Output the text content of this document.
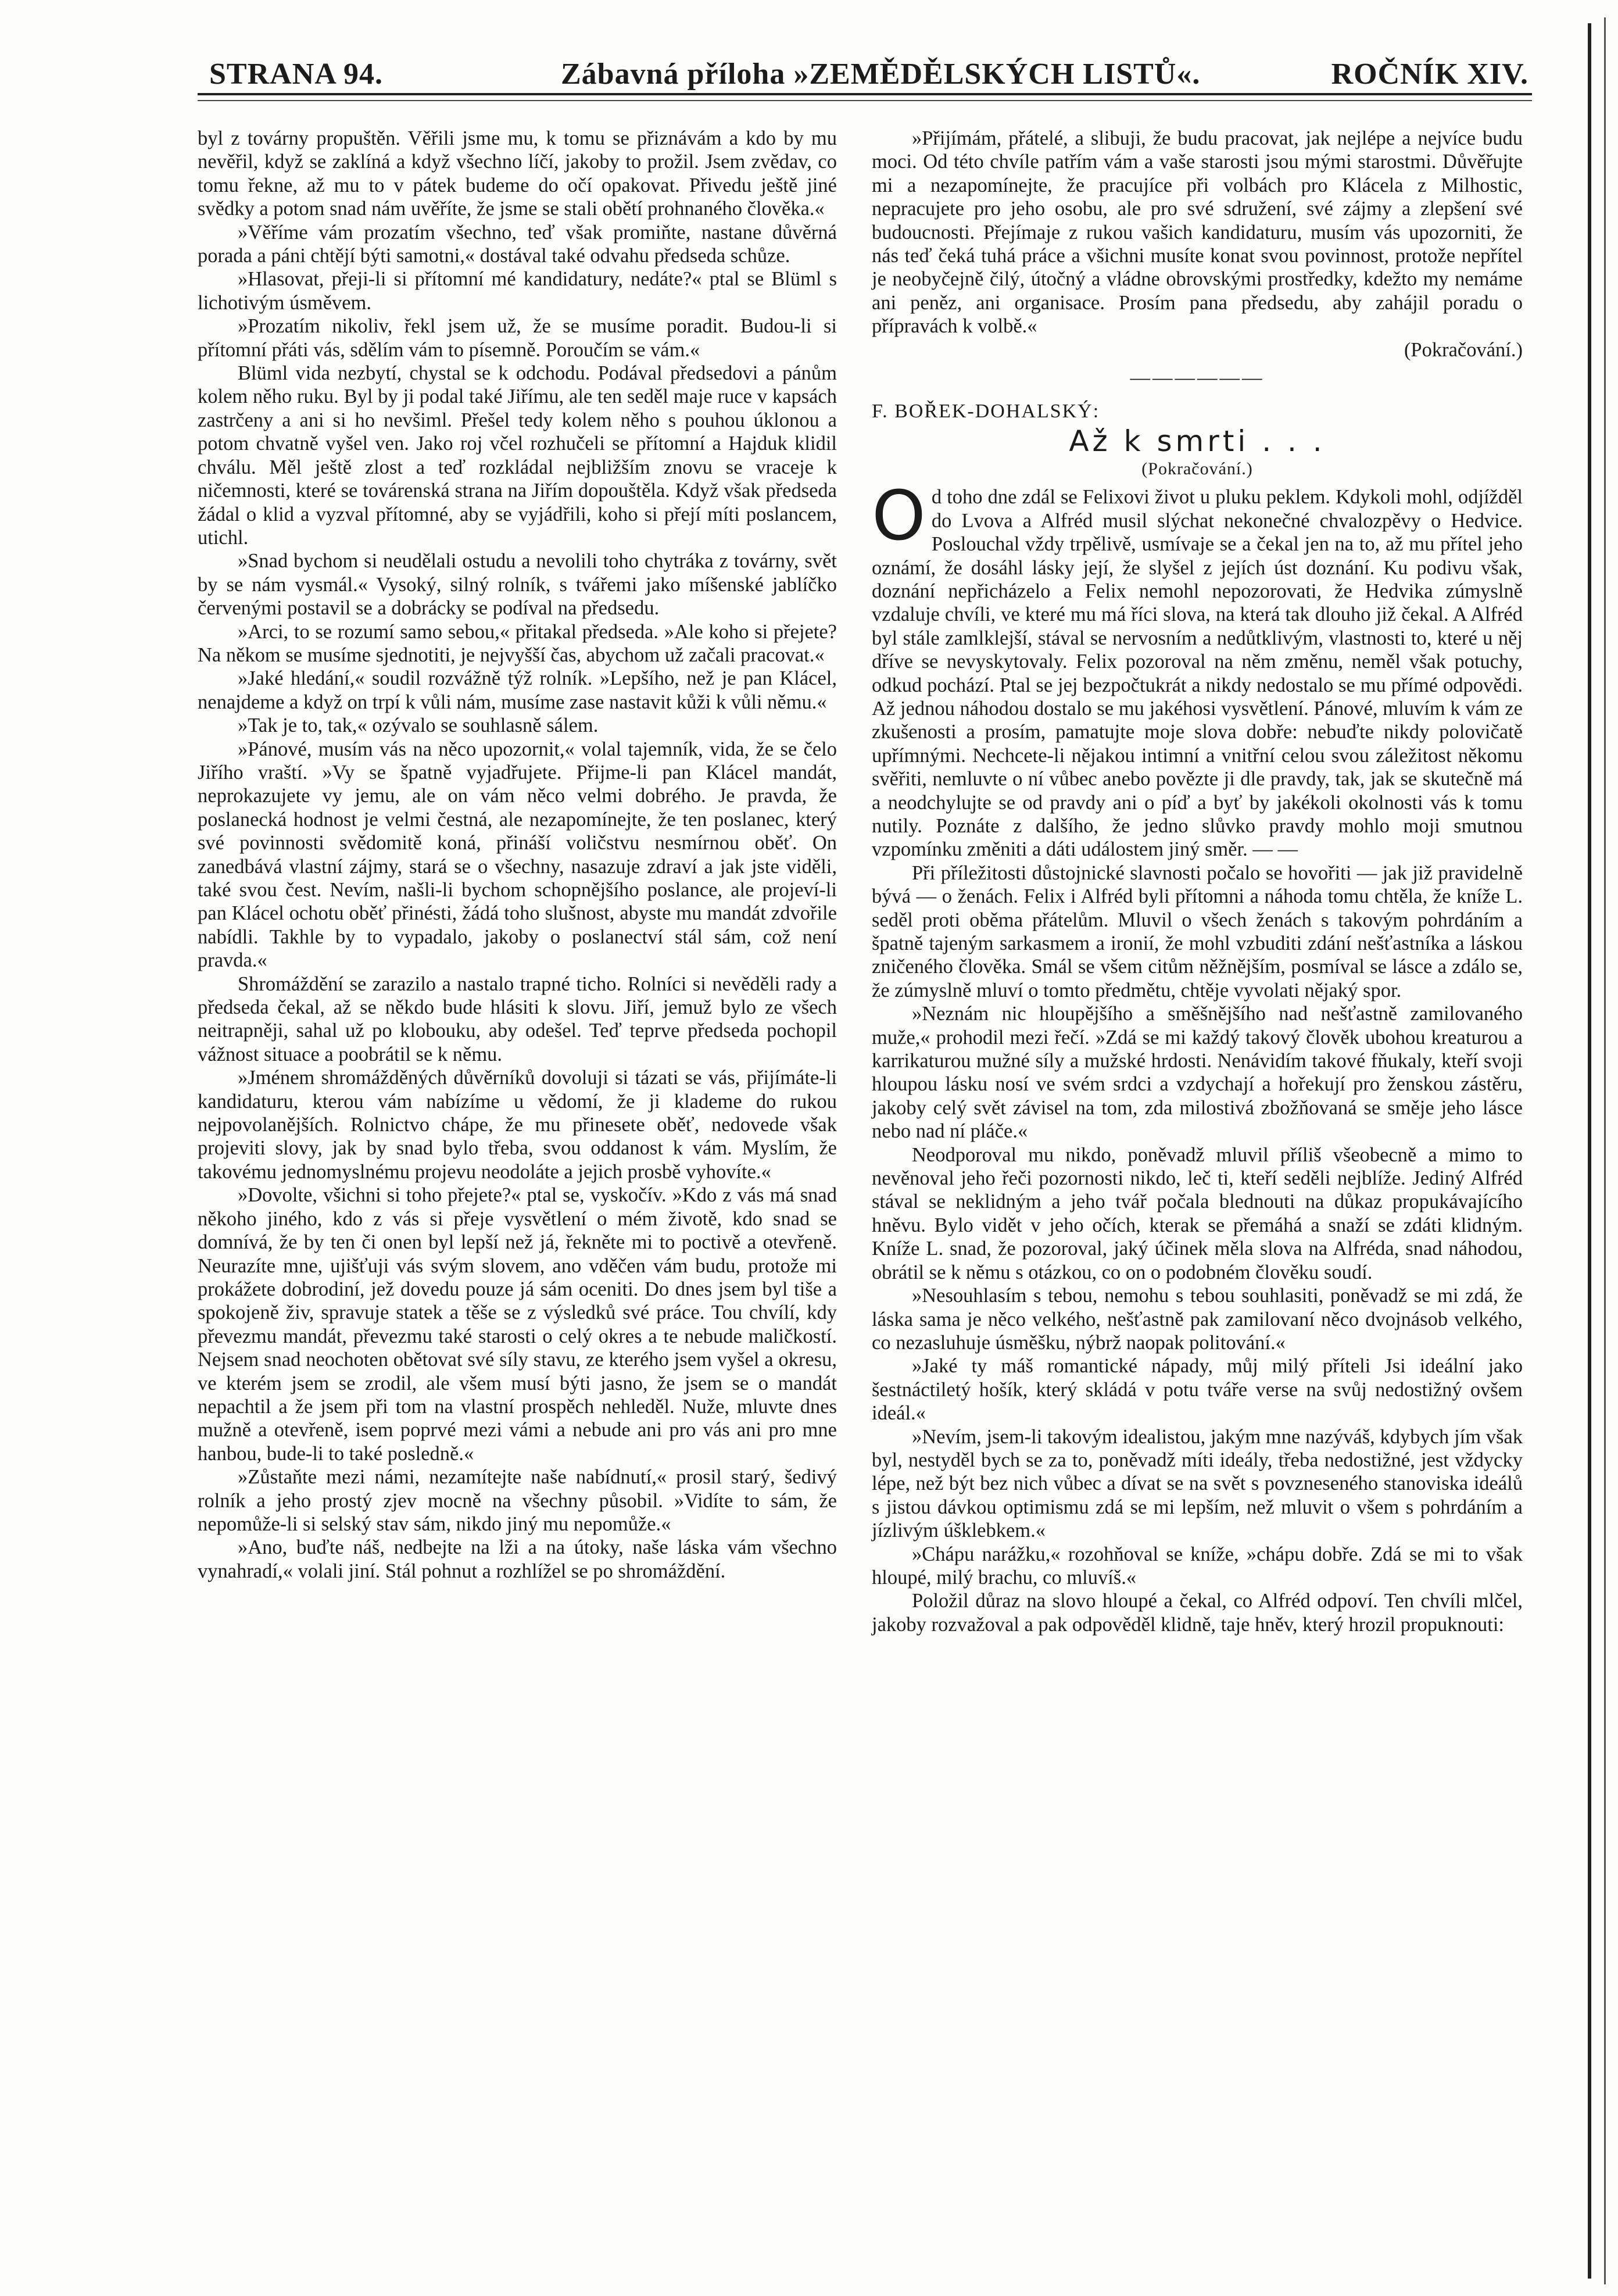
STRANA 94.	Zábavná příloha »ZEMĚDĚLSKÝCH LISTŮ«.	ROČNÍK XIV.

byl z továrny propuštěn. Věřili jsme mu, k tomu se přiznávám a kdo by mu nevěřil, když se zaklíná a když všechno líčí, jakoby to prožil. Jsem zvědav, co tomu řekne, až mu to v pátek budeme do očí opakovat. Přivedu ještě jiné svědky a potom snad nám uvěříte, že jsme se stali obětí prohnaného člověka.«

»Věříme vám prozatím všechno, teď však promiňte, nastane důvěrná porada a páni chtějí býti samotni,« dostával také odvahu předseda schůze.

»Hlasovat, přeji-li si přítomní mé kandidatury, nedáte?« ptal se Blüml s lichotivým úsměvem.

»Prozatím nikoliv, řekl jsem už, že se musíme poradit. Budou-li si přítomní přáti vás, sdělím vám to písemně. Poroučím se vám.«

Blüml vida nezbytí, chystal se k odchodu. Podával předsedovi a pánům kolem něho ruku. Byl by ji podal také Jiřímu, ale ten seděl maje ruce v kapsách zastrčeny a ani si ho nevšiml. Přešel tedy kolem něho s pouhou úklonou a potom chvatně vyšel ven. Jako roj včel rozhučeli se přítomní a Hajduk klidil chválu. Měl ještě zlost a teď rozkládal nejbližším znovu se vraceje k ničemnosti, které se továrenská strana na Jiřím dopouštěla. Když však předseda žádal o klid a vyzval přítomné, aby se vyjádřili, koho si přejí míti poslancem, utichl.

»Snad bychom si neudělali ostudu a nevolili toho chytráka z továrny, svět by se nám vysmál.« Vysoký, silný rolník, s tvářemi jako míšenské jablíčko červenými postavil se a dobrácky se podíval na předsedu.

»Arci, to se rozumí samo sebou,« přitakal předseda. »Ale koho si přejete? Na někom se musíme sjednotiti, je nejvyšší čas, abychom už začali pracovat.«

»Jaké hledání,« soudil rozvážně týž rolník. »Lepšího, než je pan Klácel, nenajdeme a když on trpí k vůli nám, musíme zase nastavit kůži k vůli němu.«

»Tak je to, tak,« ozývalo se souhlasně sálem.

»Pánové, musím vás na něco upozornit,« volal tajemník, vida, že se čelo Jiřího vraští. »Vy se špatně vyjadřujete. Přijme-li pan Klácel mandát, neprokazujete vy jemu, ale on vám něco velmi dobrého. Je pravda, že poslanecká hodnost je velmi čestná, ale nezapomínejte, že ten poslanec, který své povinnosti svědomitě koná, přináší voličstvu nesmírnou oběť. On zanedbává vlastní zájmy, stará se o všechny, nasazuje zdraví a jak jste viděli, také svou čest. Nevím, našli-li bychom schopnějšího poslance, ale projeví-li pan Klácel ochotu oběť přinésti, žádá toho slušnost, abyste mu mandát zdvořile nabídli. Takhle by to vypadalo, jakoby o poslanectví stál sám, což není pravda.«

Shromáždění se zarazilo a nastalo trapné ticho. Rolníci si nevěděli rady a předseda čekal, až se někdo bude hlásiti k slovu. Jiří, jemuž bylo ze všech neitrapněji, sahal už po klobouku, aby odešel. Teď teprve předseda pochopil vážnost situace a poobrátil se k němu.

»Jménem shromážděných důvěrníků dovoluji si tázati se vás, přijímáte-li kandidaturu, kterou vám nabízíme u vědomí, že ji klademe do rukou nejpovolanějších. Rolnictvo chápe, že mu přinesete oběť, nedovede však projeviti slovy, jak by snad bylo třeba, svou oddanost k vám. Myslím, že takovému jednomyslnému projevu neodoláte a jejich prosbě vyhovíte.«

»Dovolte, všichni si toho přejete?« ptal se, vyskočív. »Kdo z vás má snad někoho jiného, kdo z vás si přeje vysvětlení o mém životě, kdo snad se domnívá, že by ten či onen byl lepší než já, řekněte mi to poctivě a otevřeně. Neurazíte mne, ujišťuji vás svým slovem, ano vděčen vám budu, protože mi prokážete dobrodiní, jež dovedu pouze já sám oceniti. Do dnes jsem byl tiše a spokojeně živ, spravuje statek a těše se z výsledků své práce. Tou chvílí, kdy převezmu mandát, převezmu také starosti o celý okres a te nebude maličkostí. Nejsem snad neochoten obětovat své síly stavu, ze kterého jsem vyšel a okresu, ve kterém jsem se zrodil, ale všem musí býti jasno, že jsem se o mandát nepachtil a že jsem při tom na vlastní prospěch nehleděl. Nuže, mluvte dnes mužně a otevřeně, isem poprvé mezi vámi a nebude ani pro vás ani pro mne hanbou, bude-li to také posledně.«

»Zůstaňte mezi námi, nezamítejte naše nabídnutí,« prosil starý, šedivý rolník a jeho prostý zjev mocně na všechny působil. »Vidíte to sám, že nepomůže-li si selský stav sám, nikdo jiný mu nepomůže.«

»Ano, buďte náš, nedbejte na lži a na útoky, naše láska vám všechno vynahradí,« volali jiní. Stál pohnut a rozhlížel se po shromáždění.

»Přijímám, přátelé, a slibuji, že budu pracovat, jak nejlépe a nejvíce budu moci. Od této chvíle patřím vám a vaše starosti jsou mými starostmi. Důvěřujte mi a nezapomínejte, že pracujíce při volbách pro Klácela z Milhostic, nepracujete pro jeho osobu, ale pro své sdružení, své zájmy a zlepšení své budoucnosti. Přejímaje z rukou vašich kandidaturu, musím vás upozorniti, že nás teď čeká tuhá práce a všichni musíte konat svou povinnost, protože nepřítel je neobyčejně čilý, útočný a vládne obrovskými prostředky, kdežto my nemáme ani peněz, ani organisace. Prosím pana předsedu, aby zahájil poradu o přípravách k volbě.«

(Pokračování.)
——————
F. BOŘEK-DOHALSKÝ:
Až k smrti . . .
(Pokračování.)

Od toho dne zdál se Felixovi život u pluku peklem. Kdykoli mohl, odjížděl do Lvova a Alfréd musil slýchat nekonečné chvalozpěvy o Hedvice. Poslouchal vždy trpělivě, usmívaje se a čekal jen na to, až mu přítel jeho oznámí, že dosáhl lásky její, že slyšel z jejích úst doznání. Ku podivu však, doznání nepřicházelo a Felix nemohl nepozorovati, že Hedvika zúmyslně vzdaluje chvíli, ve které mu má říci slova, na která tak dlouho již čekal. A Alfréd byl stále zamlklejší, stával se nervosním a nedůtklivým, vlastnosti to, které u něj dříve se nevyskytovaly. Felix pozoroval na něm změnu, neměl však potuchy, odkud pochází. Ptal se jej bezpočtukrát a nikdy nedostalo se mu přímé odpovědi. Až jednou náhodou dostalo se mu jakéhosi vysvětlení. Pánové, mluvím k vám ze zkušenosti a prosím, pamatujte moje slova dobře: nebuďte nikdy polovičatě upřímnými. Nechcete-li nějakou intimní a vnitřní celou svou záležitost někomu svěřiti, nemluvte o ní vůbec anebo povězte ji dle pravdy, tak, jak se skutečně má a neodchylujte se od pravdy ani o píď a byť by jakékoli okolnosti vás k tomu nutily. Poznáte z dalšího, že jedno slůvko pravdy mohlo moji smutnou vzpomínku změniti a dáti událostem jiný směr. — —

Při příležitosti důstojnické slavnosti počalo se hovořiti — jak již pravidelně bývá — o ženách. Felix i Alfréd byli přítomni a náhoda tomu chtěla, že kníže L. seděl proti oběma přátelům. Mluvil o všech ženách s takovým pohrdáním a špatně tajeným sarkasmem a ironií, že mohl vzbuditi zdání nešťastníka a láskou zničeného člověka. Smál se všem citům něžnějším, posmíval se lásce a zdálo se, že zúmyslně mluví o tomto předmětu, chtěje vyvolati nějaký spor.

»Neznám nic hloupějšího a směšnějšího nad nešťastně zamilovaného muže,« prohodil mezi řečí. »Zdá se mi každý takový člověk ubohou kreaturou a karrikaturou mužné síly a mužské hrdosti. Nenávidím takové fňukaly, kteří svoji hloupou lásku nosí ve svém srdci a vzdychají a hořekují pro ženskou zástěru, jakoby celý svět závisel na tom, zda milostivá zbožňovaná se směje jeho lásce nebo nad ní pláče.«

Neodporoval mu nikdo, poněvadž mluvil příliš všeobecně a mimo to nevěnoval jeho řeči pozornosti nikdo, leč ti, kteří seděli nejblíže. Jediný Alfréd stával se neklidným a jeho tvář počala blednouti na důkaz propukávajícího hněvu. Bylo vidět v jeho očích, kterak se přemáhá a snaží se zdáti klidným. Kníže L. snad, že pozoroval, jaký účinek měla slova na Alfréda, snad náhodou, obrátil se k němu s otázkou, co on o podobném člověku soudí.

»Nesouhlasím s tebou, nemohu s tebou souhlasiti, poněvadž se mi zdá, že láska sama je něco velkého, nešťastně pak zamilovaní něco dvojnásob velkého, co nezasluhuje úsměšku, nýbrž naopak politování.«

»Jaké ty máš romantické nápady, můj milý příteli Jsi ideální jako šestnáctiletý hošík, který skládá v potu tváře verse na svůj nedostižný ovšem ideál.«

»Nevím, jsem-li takovým idealistou, jakým mne nazýváš, kdybych jím však byl, nestyděl bych se za to, poněvadž míti ideály, třeba nedostižné, jest vždycky lépe, než být bez nich vůbec a dívat se na svět s povzneseného stanoviska ideálů s jistou dávkou optimismu zdá se mi lepším, než mluvit o všem s pohrdáním a jízlivým úšklebkem.«

»Chápu narážku,« rozohňoval se kníže, »chápu dobře. Zdá se mi to však hloupé, milý brachu, co mluvíš.«

Položil důraz na slovo hloupé a čekal, co Alfréd odpoví. Ten chvíli mlčel, jakoby rozvažoval a pak odpověděl klidně, taje hněv, který hrozil propuknouti:
